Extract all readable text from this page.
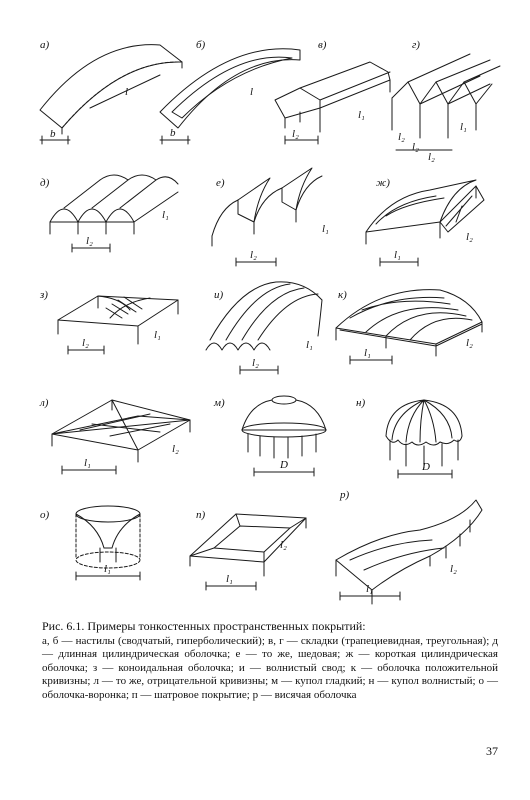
а)
b
l
б)
b
l
в)
l₂
l₁
г)
l₂
l₂
l₂
l₁
д)
l₂
l₁
е)
l₂
l₁
ж)
l₁
l₂
з)
l₂
l₁
и)
l₂
l₁
к)
l₁
l₂
л)
l₁
l₂
м)
D
н)
D
о)
l₁
п)
l₁
l₂
р)
l₁
l₂
Рис. 6.1. Примеры тонкостенных пространственных покрытий:
а, б — настилы (сводчатый, гиперболический); в, г — складки (трапециевидная, треугольная); д — длинная цилиндрическая оболочка; е — то же, шедовая; ж — короткая цилиндрическая оболочка; з — коноидальная оболочка; и — волнистый свод; к — оболочка положительной кривизны; л — то же, отрицательной кривизны; м — купол гладкий; н — купол волнистый; о — оболочка-воронка; п — шатровое покрытие; р — висячая оболочка
37
